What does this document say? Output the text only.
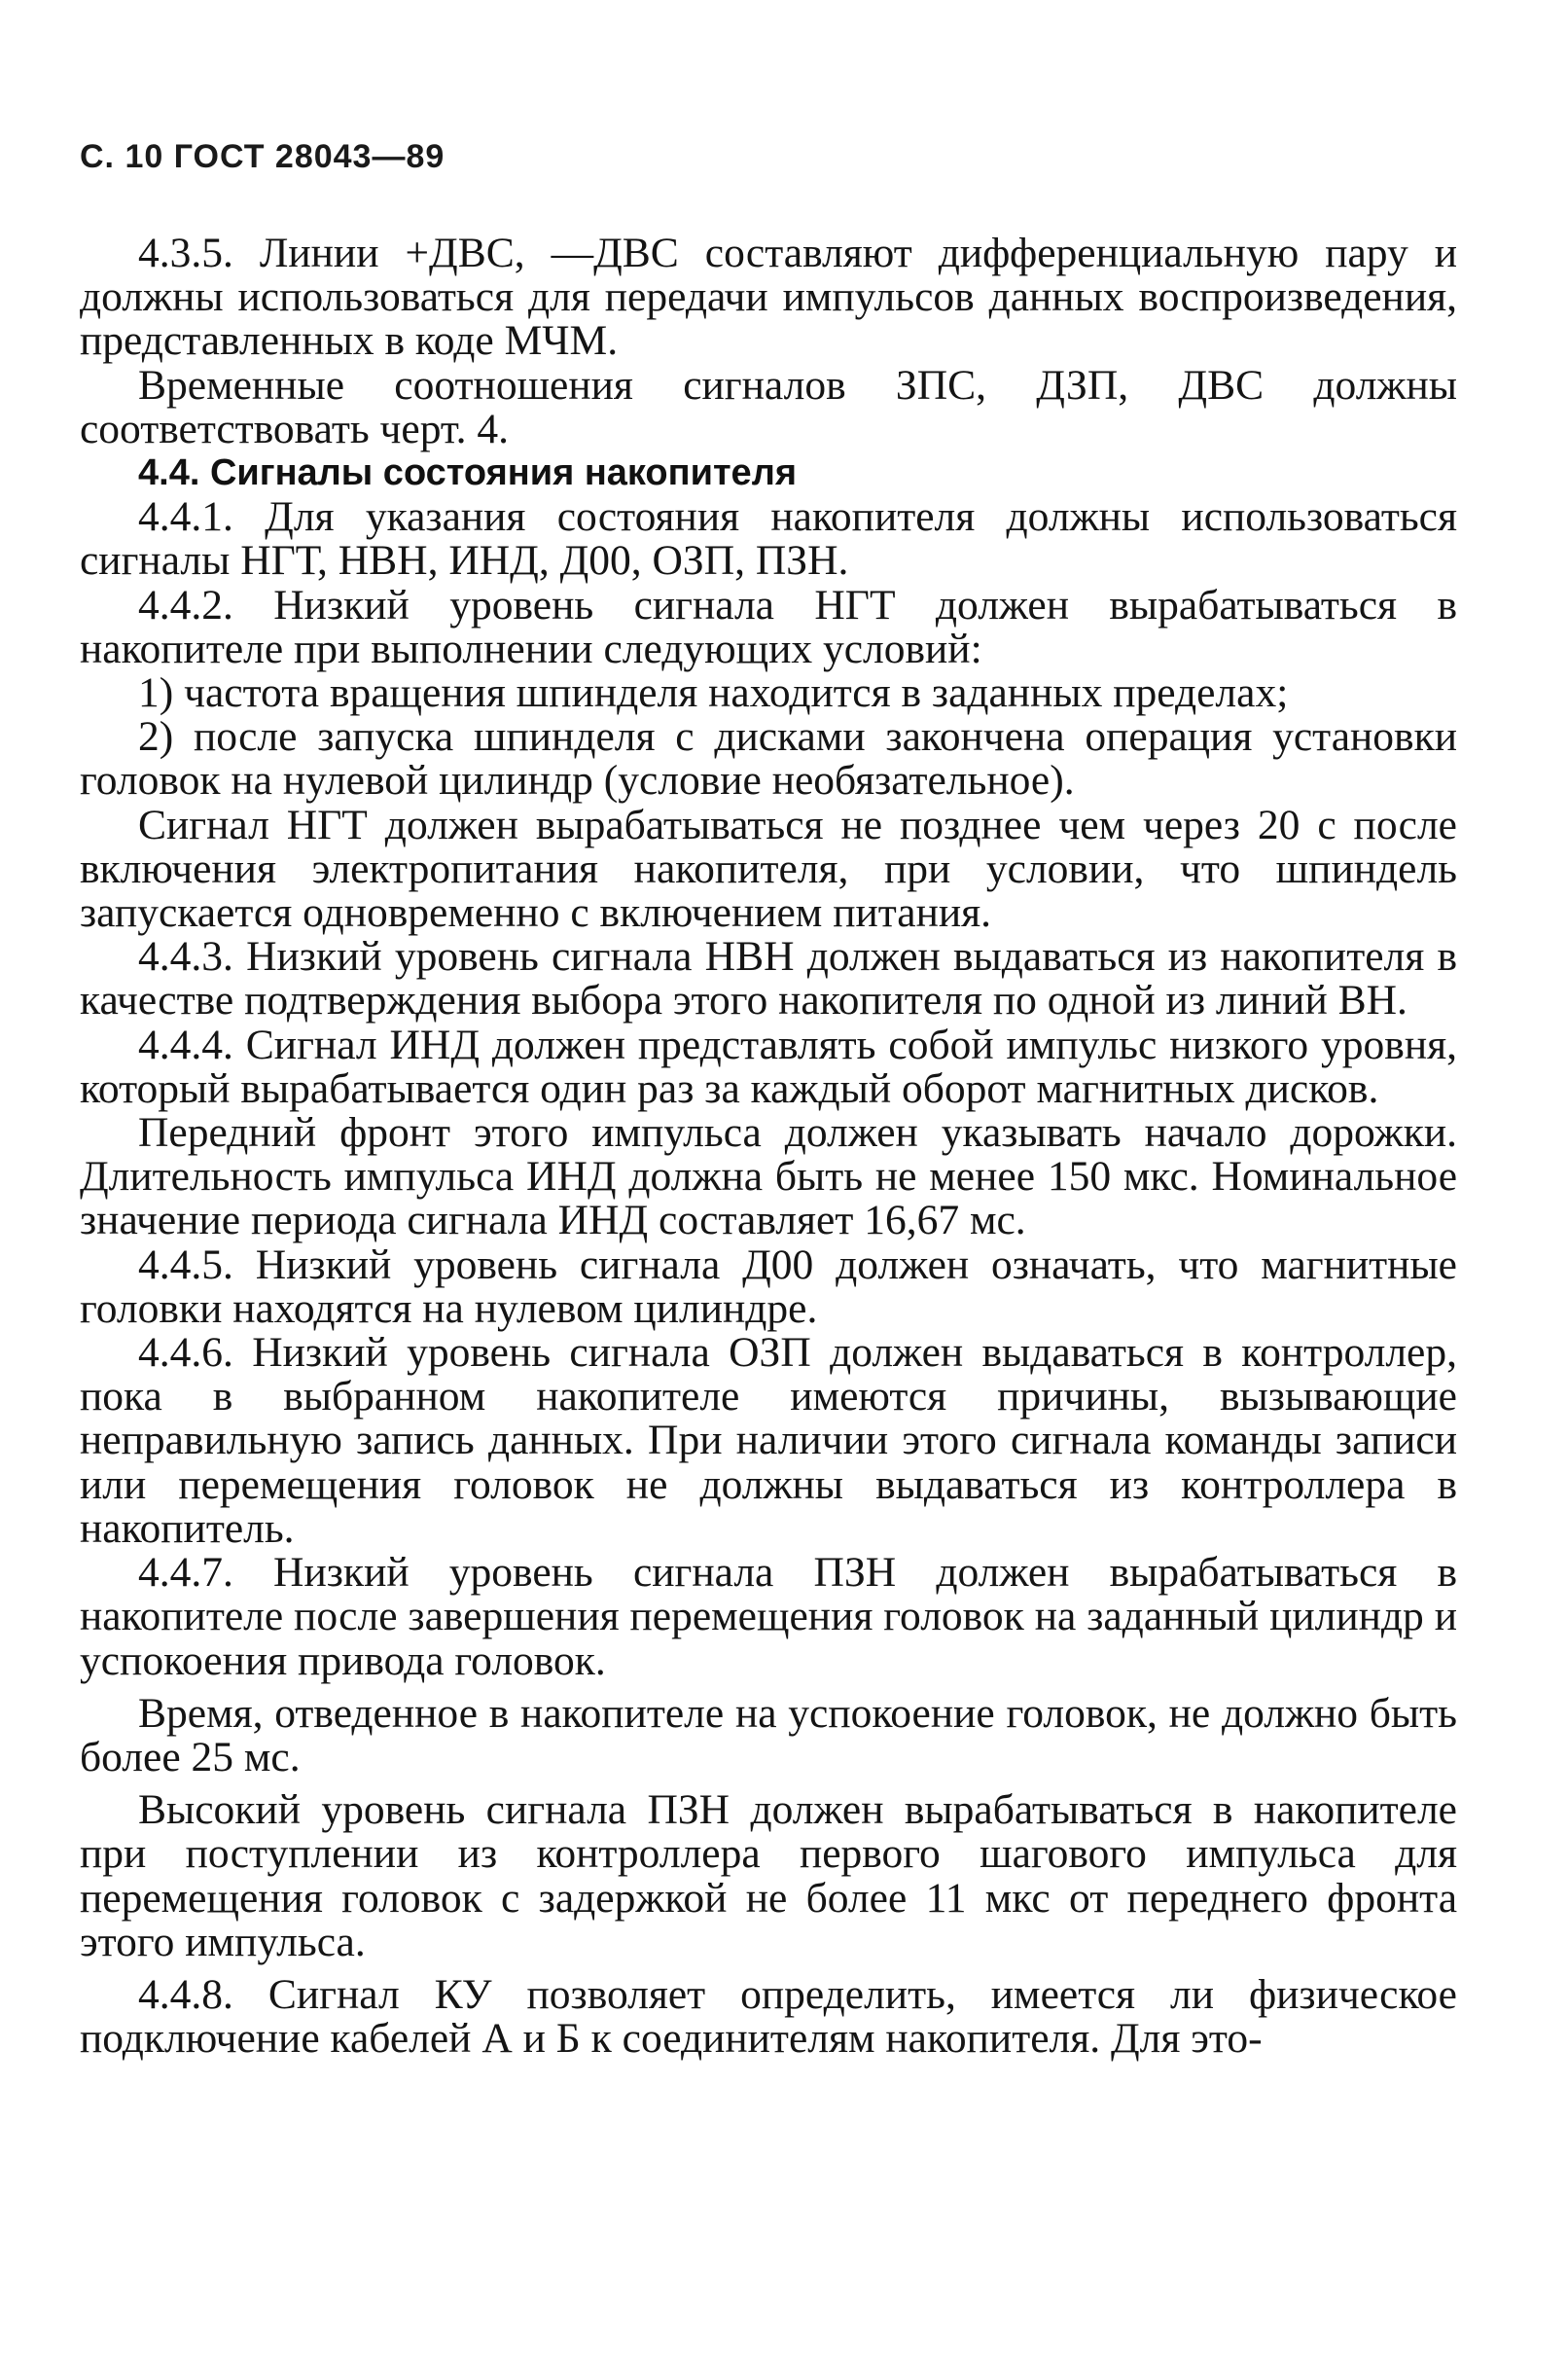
С. 10 ГОСТ 28043—89

4.3.5. Линии +ДВС, —ДВС составляют дифференциальную пару и должны использоваться для передачи импульсов данных воспроизведения, представленных в коде МЧМ.

Временные соотношения сигналов ЗПС, ДЗП, ДВС должны соответствовать черт. 4.

4.4. Сигналы состояния накопителя

4.4.1. Для указания состояния накопителя должны использоваться сигналы НГТ, НВН, ИНД, Д00, ОЗП, ПЗН.

4.4.2. Низкий уровень сигнала НГТ должен вырабатываться в накопителе при выполнении следующих условий:

1) частота вращения шпинделя находится в заданных пределах;

2) после запуска шпинделя с дисками закончена операция установки головок на нулевой цилиндр (условие необязательное).

Сигнал НГТ должен вырабатываться не позднее чем через 20 с после включения электропитания накопителя, при условии, что шпиндель запускается одновременно с включением питания.

4.4.3. Низкий уровень сигнала НВН должен выдаваться из накопителя в качестве подтверждения выбора этого накопителя по одной из линий ВН.

4.4.4. Сигнал ИНД должен представлять собой импульс низкого уровня, который вырабатывается один раз за каждый оборот магнитных дисков.

Передний фронт этого импульса должен указывать начало дорожки. Длительность импульса ИНД должна быть не менее 150 мкс. Номинальное значение периода сигнала ИНД составляет 16,67 мс.

4.4.5. Низкий уровень сигнала Д00 должен означать, что магнитные головки находятся на нулевом цилиндре.

4.4.6. Низкий уровень сигнала ОЗП должен выдаваться в контроллер, пока в выбранном накопителе имеются причины, вызывающие неправильную запись данных. При наличии этого сигнала команды записи или перемещения головок не должны выдаваться из контроллера в накопитель.

4.4.7. Низкий уровень сигнала ПЗН должен вырабатываться в накопителе после завершения перемещения головок на заданный цилиндр и успокоения привода головок.

Время, отведенное в накопителе на успокоение головок, не должно быть более 25 мс.

Высокий уровень сигнала ПЗН должен вырабатываться в накопителе при поступлении из контроллера первого шагового импульса для перемещения головок с задержкой не более 11 мкс от переднего фронта этого импульса.

4.4.8. Сигнал КУ позволяет определить, имеется ли физическое подключение кабелей А и Б к соединителям накопителя. Для это-
